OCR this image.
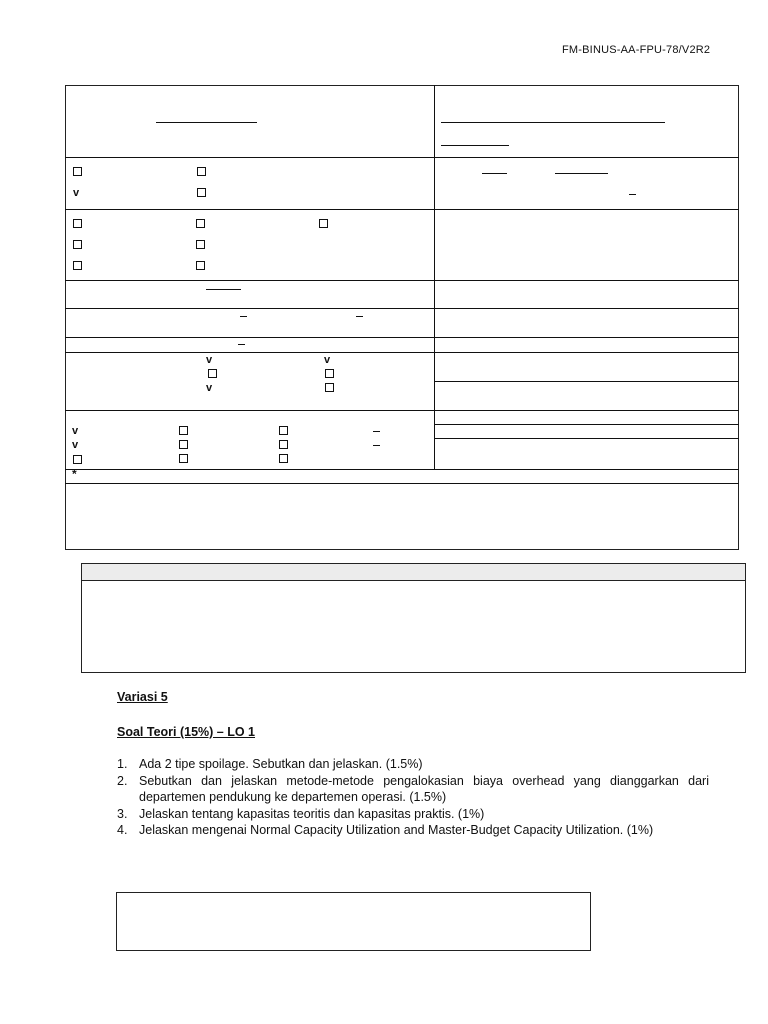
FM-BINUS-AA-FPU-78/V2R2
v
v	v
v
v
v
*
Variasi 5
Soal Teori (15%) – LO 1
1. Ada 2 tipe spoilage. Sebutkan dan jelaskan. (1.5%)
2. Sebutkan dan jelaskan metode-metode pengalokasian biaya overhead yang dianggarkan dari departemen pendukung ke departemen operasi. (1.5%)
3. Jelaskan tentang kapasitas teoritis dan kapasitas praktis. (1%)
4. Jelaskan mengenai Normal Capacity Utilization and Master-Budget Capacity Utilization. (1%)
